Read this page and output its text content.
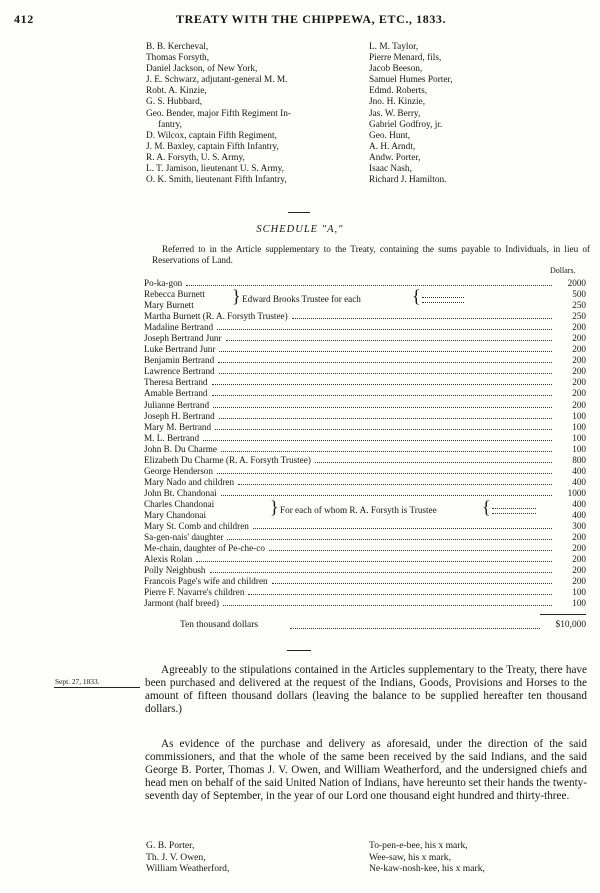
412	TREATY WITH THE CHIPPEWA, ETC., 1833.
B. B. Kercheval,
Thomas Forsyth,
Daniel Jackson, of New York,
J. E. Schwarz, adjutant-general M. M.
Robt. A. Kinzie,
G. S. Hubbard,
Geo. Bender, major Fifth Regiment In-
fantry,
D. Wilcox, captain Fifth Regiment,
J. M. Baxley, captain Fifth Infantry,
R. A. Forsyth, U. S. Army,
L. T. Jamison, lieutenant U. S. Army,
O. K. Smith, lieutenant Fifth Infantry,
L. M. Taylor,
Pierre Menard, fils,
Jacob Beeson,
Samuel Humes Porter,
Edmd. Roberts,
Jno. H. Kinzie,
Jas. W. Berry,
Gabriel Godfroy, jr.
Geo. Hunt,
A. H. Arndt,
Andw. Porter,
Isaac Nash,
Richard J. Hamilton.
SCHEDULE "A,"
Referred to in the Article supplementary to the Treaty, containing the sums payable to Individuals, in lieu of Reservations of Land.
Dollars.
Po-ka-gon	2000
Rebecca Burnett	500
Mary Burnett	250
Martha Burnett (R. A. Forsyth Trustee)	250
Madaline Bertrand	200
Joseph Bertrand Junr	200
Luke Bertrand Junr	200
Benjamin Bertrand	200
Lawrence Bertrand	200
Theresa Bertrand	200
Amable Bertrand	200
Julianne Bertrand	200
Joseph H. Bertrand	100
Mary M. Bertrand	100
M. L. Bertrand	100
John B. Du Charme	100
Elizabeth Du Charme (R. A. Forsyth Trustee)	800
George Henderson	400
Mary Nado and children	400
John Bt. Chandonai	1000
Charles Chandonai	400
Mary Chandonai	400
Mary St. Comb and children	300
Sa-gen-nais' daughter	200
Me-chain, daughter of Pe-che-co	200
Alexis Rolan	200
Polly Neighbush	200
Francois Page's wife and children	200
Pierre F. Navarre's children	100
Jarmont (half breed)	100
} Edward Brooks Trustee for each	{
} For each of whom R. A. Forsyth is Trustee	{
Ten thousand dollars	$10,000
Sept. 27, 1833.
Agreeably to the stipulations contained in the Articles supplementary to the Treaty, there have been purchased and delivered at the request of the Indians, Goods, Provisions and Horses to the amount of fifteen thousand dollars (leaving the balance to be supplied hereafter ten thousand dollars.)
As evidence of the purchase and delivery as aforesaid, under the direction of the said commissioners, and that the whole of the same been received by the said Indians, and the said George B. Porter, Thomas J. V. Owen, and William Weatherford, and the undersigned chiefs and head men on behalf of the said United Nation of Indians, have hereunto set their hands the twenty-seventh day of September, in the year of our Lord one thousand eight hundred and thirty-three.
G. B. Porter,
Th. J. V. Owen,
William Weatherford,
To-pen-e-bee, his x mark,
Wee-saw, his x mark,
Ne-kaw-nosh-kee, his x mark,
